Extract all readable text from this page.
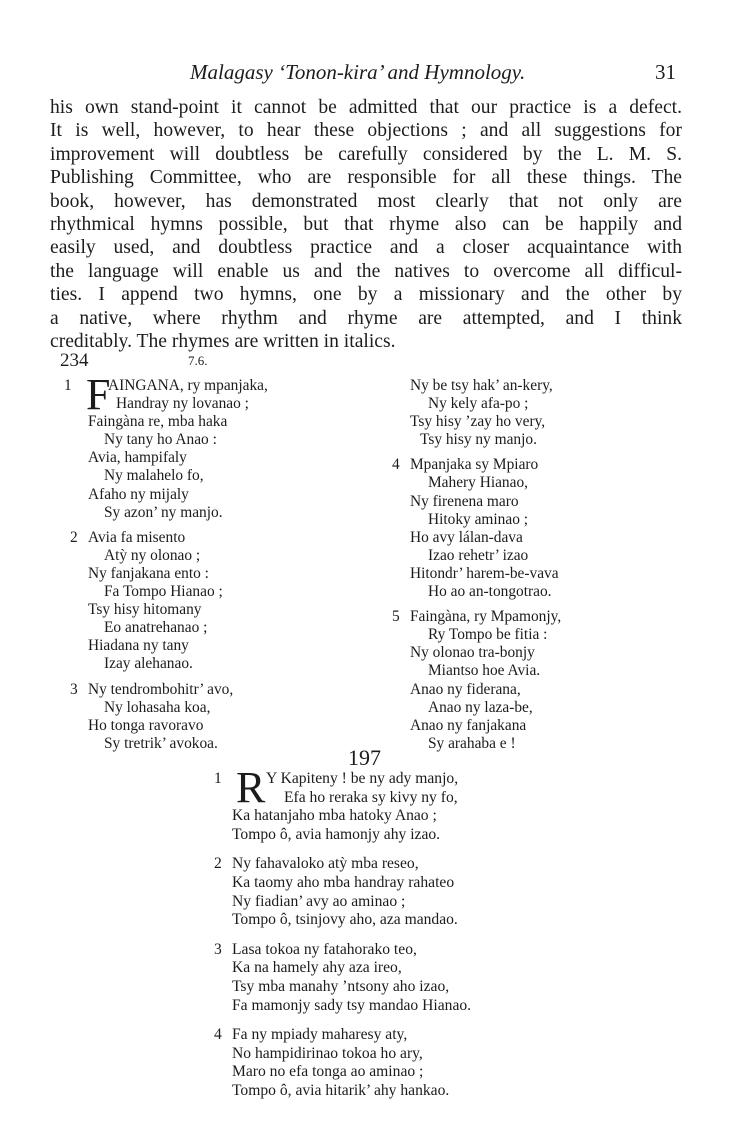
Malagasy ‘Tonon-kira’ and Hymnology.	31
his own stand-point it cannot be admitted that our practice is a defect.
It is well, however, to hear these objections ; and all suggestions for
improvement will doubtless be carefully considered by the L. M. S.
Publishing Committee, who are responsible for all these things. The
book, however, has demonstrated most clearly that not only are
rhythmical hymns possible, but that rhyme also can be happily and
easily used, and doubtless practice and a closer acquaintance with
the language will enable us and the natives to overcome all difficul-
ties. I append two hymns, one by a missionary and the other by
a native, where rhythm and rhyme are attempted, and I think
creditably. The rhymes are written in italics.
234	7.6.
1 F
AINGANA, ry mpanjaka,
Handray ny lovanao ;
Faingàna re, mba haka
Ny tany ho Anao :
Avia, hampifaly
Ny malahelo fo,
Afaho ny mijaly
Sy azon’ ny manjo.
2 Avia fa misento
Atỳ ny olonao ;
Ny fanjakana ento :
Fa Tompo Hianao ;
Tsy hisy hitomany
Eo anatrehanao ;
Hiadana ny tany
Izay alehanao.
3 Ny tendrombohitr’ avo,
Ny lohasaha koa,
Ho tonga ravoravo
Sy tretrik’ avokoa.
Ny be tsy hak’ an-kery,
Ny kely afa-po ;
Tsy hisy ’zay ho very,
Tsy hisy ny manjo.
4 Mpanjaka sy Mpiaro
Mahery Hianao,
Ny firenena maro
Hitoky aminao ;
Ho avy lálan-dava
Izao rehetr’ izao
Hitondr’ harem-be-vava
Ho ao an-tongotrao.
5 Faingàna, ry Mpamonjy,
Ry Tompo be fitia :
Ny olonao tra-bonjy
Miantso hoe Avia.
Anao ny fiderana,
Anao ny laza-be,
Anao ny fanjakana
Sy arahaba e !
197
1 R Y Kapiteny ! be ny ady manjo,
Efa ho reraka sy kivy ny fo,
Ka hatanjaho mba hatoky Anao ;
Tompo ô, avia hamonjy ahy izao.
2 Ny fahavaloko atỳ mba reseo,
Ka taomy aho mba handray rahateo
Ny fiadian’ avy ao aminao ;
Tompo ô, tsinjovy aho, aza mandao.
3 Lasa tokoa ny fatahorako teo,
Ka na hamely ahy aza ireo,
Tsy mba manahy ’ntsony aho izao,
Fa mamonjy sady tsy mandao Hianao.
4 Fa ny mpiady maharesy aty,
No hampidirinao tokoa ho ary,
Maro no efa tonga ao aminao ;
Tompo ô, avia hitarik’ ahy hankao.
